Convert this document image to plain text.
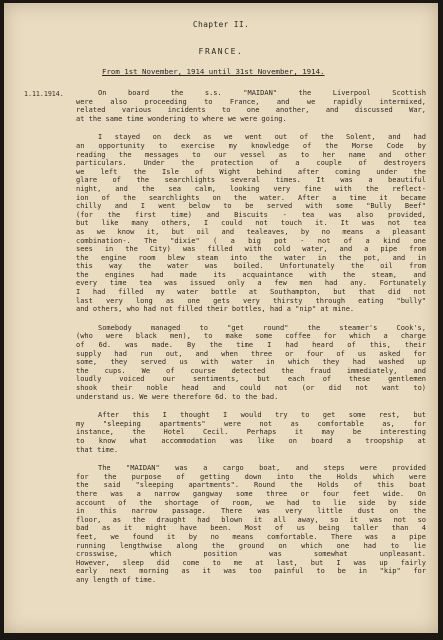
Chapter II.
FRANCE.
From 1st November, 1914 until 31st November, 1914.
1.11.1914.	On board the s.s. "MAIDAN" the Liverpool Scottish
were also proceeding to France, and we rapidly intermixed,
related various incidents to one another, and discussed War,
at the same time wondering to where we were going.
I stayed on deck as we went out of the Solent, and had
an opportunity to exercise my knowledge of the Morse Code by
reading the messages to our vessel as to her name and other
particulars. Under the protection of a couple of destroyers
we left the Isle of Wight behind after coming under the
glare of the searchlights several times. It was a beautiful
night, and the sea calm, looking very fine with the reflect-
ion of the searchlights on the water. After a time it became
chilly and I went below to be served with some "Bully Beef"
(for the first time) and Biscuits - tea was also provided,
but like many others, I could not touch it. It was not tea
as we know it, but oil and tealeaves, by no means a pleasant
combination-. The "dixie" ( a big pot - not of a kind one
sees in the City) was filled with cold water, and a pipe from
the engine room blew steam into the water in the pot, and in
this way the water was boiled. Unfortunately the oil from
the engines had made its acquaintance with the steam, and
every time tea was issued only a few men had any. Fortunately
I had filled my water bottle at Southampton, but that did not
last very long as one gets very thirsty through eating "bully"
and others, who had not filled their bottles, had a "nip" at mine.
Somebody managed to "get round" the steamer's Cook's,
(who were black men), to make some coffee for which a charge
of 6d. was made. By the time I had heard of this, their
supply had run out, and when three or four of us asked for
some, they served us with water in which they had washed up
the cups. We of course detected the fraud immediately, and
loudly voiced our sentiments, but each of these gentlemen
shook their noble head and could not (or did not want to)
understand us. We were therefore 6d. to the bad.
After this I thought I would try to get some rest, but
my "sleeping apartments" were not as comfortable as, for
instance, the Hotel Cecil. Perhaps it may be interesting
to know what accommodation was like on board a troopship at
that time.
The "MAIDAN" was a cargo boat, and steps were provided
for the purpose of getting down into the Holds which were
the said "sleeping apartments". Round the Holds of this boat
there was a narrow gangway some three or four feet wide. On
account of the shortage of room, we had to lie side by side
in this narrow passage. There was very little dust on the
floor, as the draught had blown it all away, so it was not so
bad as it might have been. Most of us being taller than 4
feet, we found it by no means comfortable. There was a pipe
running lengthwise along the ground on which one had to lie
crosswise, which position was somewhat unpleasant.
However, sleep did come to me at last, but I was up fairly
early next morning as it was too painful to be in "kip" for
any length of time.
